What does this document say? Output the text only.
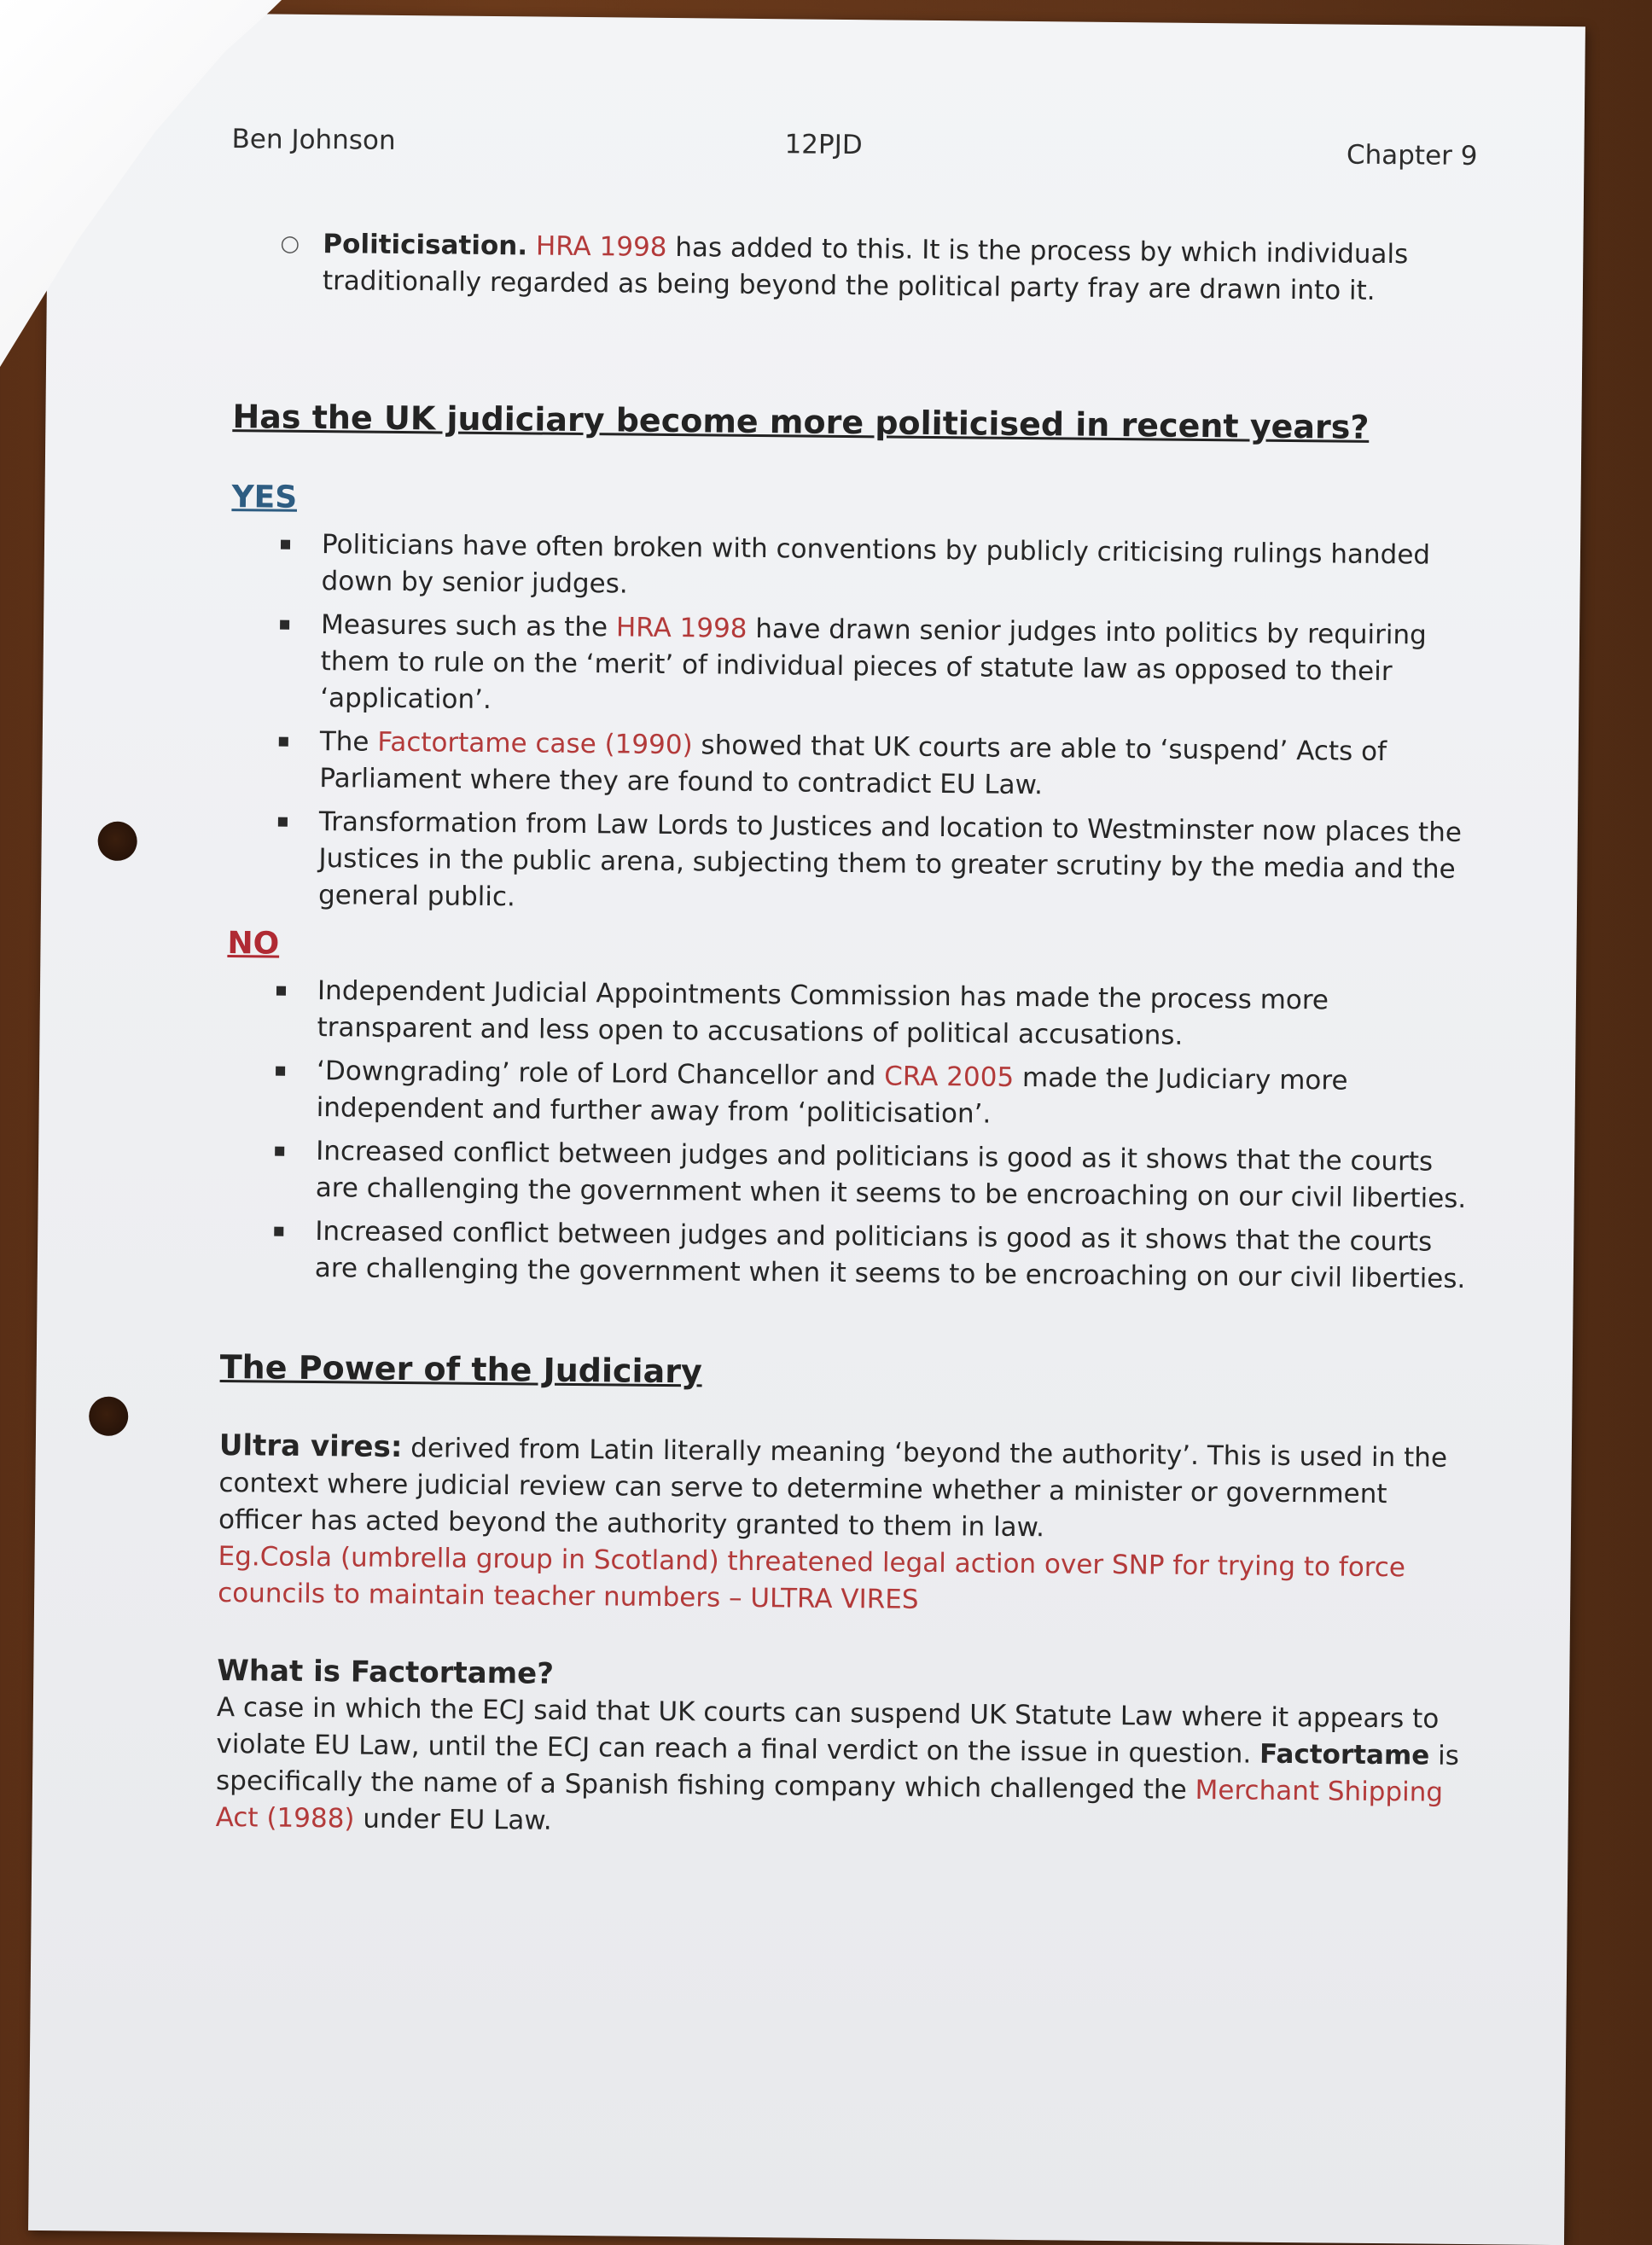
Ben Johnson	12PJD	Chapter 9
○ Politicisation. HRA 1998 has added to this. It is the process by which individuals traditionally regarded as being beyond the political party fray are drawn into it.
Has the UK judiciary become more politicised in recent years?
YES
Politicians have often broken with conventions by publicly criticising rulings handed down by senior judges.
Measures such as the HRA 1998 have drawn senior judges into politics by requiring them to rule on the ‘merit’ of individual pieces of statute law as opposed to their ‘application’.
The Factortame case (1990) showed that UK courts are able to ‘suspend’ Acts of Parliament where they are found to contradict EU Law.
Transformation from Law Lords to Justices and location to Westminster now places the Justices in the public arena, subjecting them to greater scrutiny by the media and the general public.
NO
Independent Judicial Appointments Commission has made the process more transparent and less open to accusations of political accusations.
‘Downgrading’ role of Lord Chancellor and CRA 2005 made the Judiciary more independent and further away from ‘politicisation’.
Increased conflict between judges and politicians is good as it shows that the courts are challenging the government when it seems to be encroaching on our civil liberties.
Increased conflict between judges and politicians is good as it shows that the courts are challenging the government when it seems to be encroaching on our civil liberties.
The Power of the Judiciary
Ultra vires: derived from Latin literally meaning ‘beyond the authority’. This is used in the context where judicial review can serve to determine whether a minister or government officer has acted beyond the authority granted to them in law.
Eg.Cosla (umbrella group in Scotland) threatened legal action over SNP for trying to force councils to maintain teacher numbers – ULTRA VIRES
What is Factortame?
A case in which the ECJ said that UK courts can suspend UK Statute Law where it appears to violate EU Law, until the ECJ can reach a final verdict on the issue in question. Factortame is specifically the name of a Spanish fishing company which challenged the Merchant Shipping Act (1988) under EU Law.
